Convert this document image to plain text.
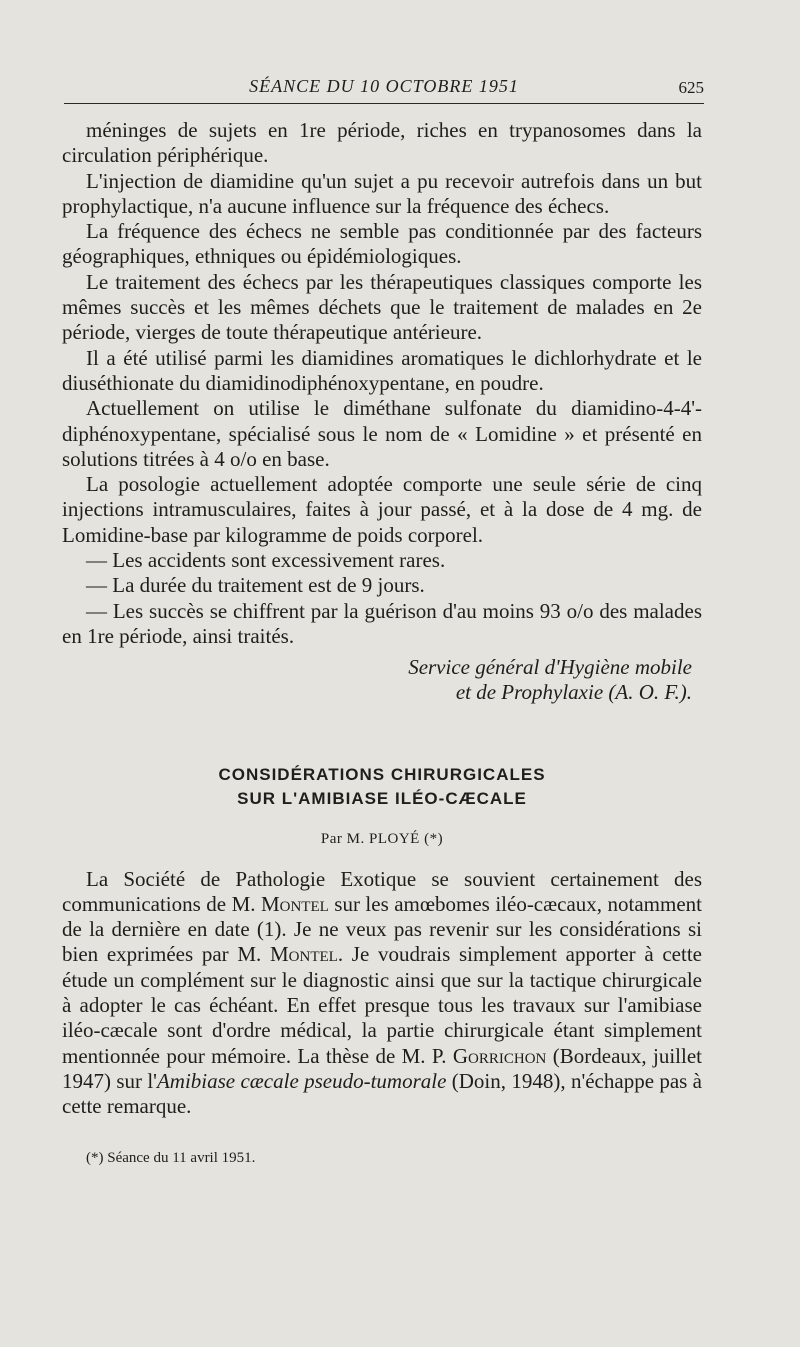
SÉANCE DU 10 OCTOBRE 1951	625

méninges de sujets en 1re période, riches en trypanosomes dans la circulation périphérique.

L'injection de diamidine qu'un sujet a pu recevoir autrefois dans un but prophylactique, n'a aucune influence sur la fréquence des échecs.

La fréquence des échecs ne semble pas conditionnée par des facteurs géographiques, ethniques ou épidémiologiques.

Le traitement des échecs par les thérapeutiques classiques comporte les mêmes succès et les mêmes déchets que le traitement de malades en 2e période, vierges de toute thérapeutique antérieure.

Il a été utilisé parmi les diamidines aromatiques le dichlorhydrate et le diuséthionate du diamidinodiphénoxypentane, en poudre.

Actuellement on utilise le diméthane sulfonate du diamidino-4-4'-diphénoxypentane, spécialisé sous le nom de « Lomidine » et présenté en solutions titrées à 4 o/o en base.

La posologie actuellement adoptée comporte une seule série de cinq injections intramusculaires, faites à jour passé, et à la dose de 4 mg. de Lomidine-base par kilogramme de poids corporel.

— Les accidents sont excessivement rares.

— La durée du traitement est de 9 jours.

— Les succès se chiffrent par la guérison d'au moins 93 o/o des malades en 1re période, ainsi traités.

Service général d'Hygiène mobile
et de Prophylaxie (A. O. F.).
CONSIDÉRATIONS CHIRURGICALES
SUR L'AMIBIASE ILÉO-CÆCALE
Par M. PLOYÉ (*)

La Société de Pathologie Exotique se souvient certainement des communications de M. Montel sur les amœbomes iléo-cæcaux, notamment de la dernière en date (1). Je ne veux pas revenir sur les considérations si bien exprimées par M. Montel. Je voudrais simplement apporter à cette étude un complément sur le diagnostic ainsi que sur la tactique chirurgicale à adopter le cas échéant. En effet presque tous les travaux sur l'amibiase iléo-cæcale sont d'ordre médical, la partie chirurgicale étant simplement mentionnée pour mémoire. La thèse de M. P. Gorrichon (Bordeaux, juillet 1947) sur l'Amibiase cæcale pseudo-tumorale (Doin, 1948), n'échappe pas à cette remarque.

(*) Séance du 11 avril 1951.
